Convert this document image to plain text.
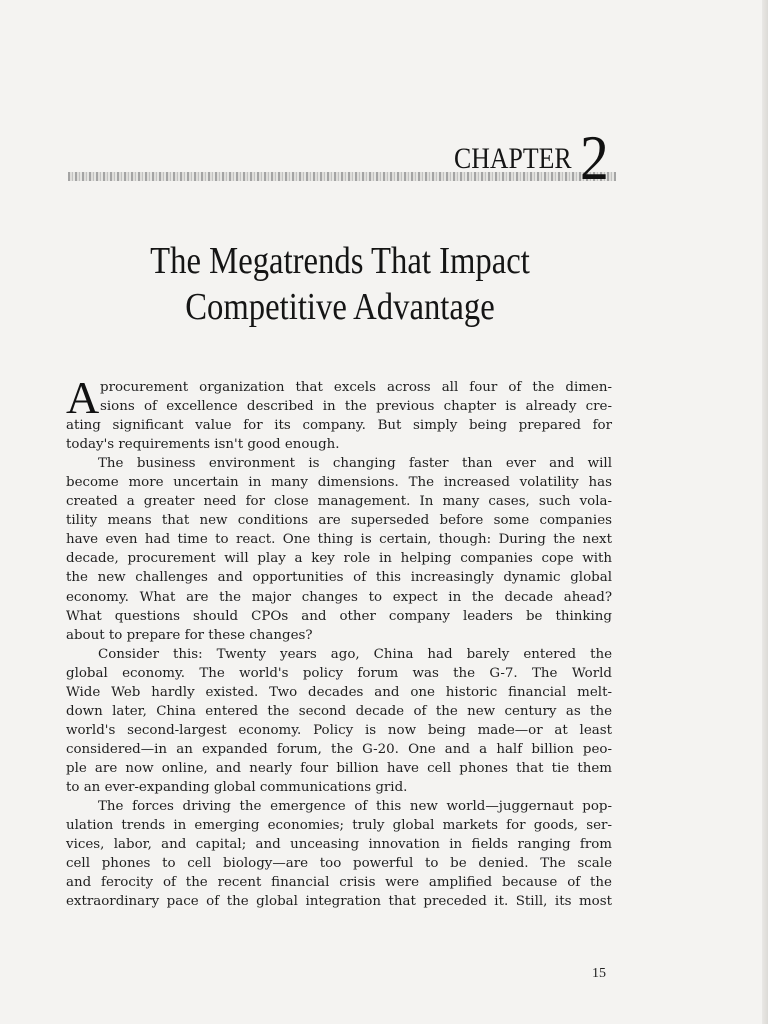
CHAPTER 2
The Megatrends That Impact
Competitive Advantage
A procurement organization that excels across all four of the dimen-
sions of excellence described in the previous chapter is already cre-
ating significant value for its company. But simply being prepared for
today's requirements isn't good enough.
The business environment is changing faster than ever and will
become more uncertain in many dimensions. The increased volatility has
created a greater need for close management. In many cases, such vola-
tility means that new conditions are superseded before some companies
have even had time to react. One thing is certain, though: During the next
decade, procurement will play a key role in helping companies cope with
the new challenges and opportunities of this increasingly dynamic global
economy. What are the major changes to expect in the decade ahead?
What questions should CPOs and other company leaders be thinking
about to prepare for these changes?
Consider this: Twenty years ago, China had barely entered the
global economy. The world's policy forum was the G-7. The World
Wide Web hardly existed. Two decades and one historic financial melt-
down later, China entered the second decade of the new century as the
world's second-largest economy. Policy is now being made—or at least
considered—in an expanded forum, the G-20. One and a half billion peo-
ple are now online, and nearly four billion have cell phones that tie them
to an ever-expanding global communications grid.
The forces driving the emergence of this new world—juggernaut pop-
ulation trends in emerging economies; truly global markets for goods, ser-
vices, labor, and capital; and unceasing innovation in fields ranging from
cell phones to cell biology—are too powerful to be denied. The scale
and ferocity of the recent financial crisis were amplified because of the
extraordinary pace of the global integration that preceded it. Still, its most
15
